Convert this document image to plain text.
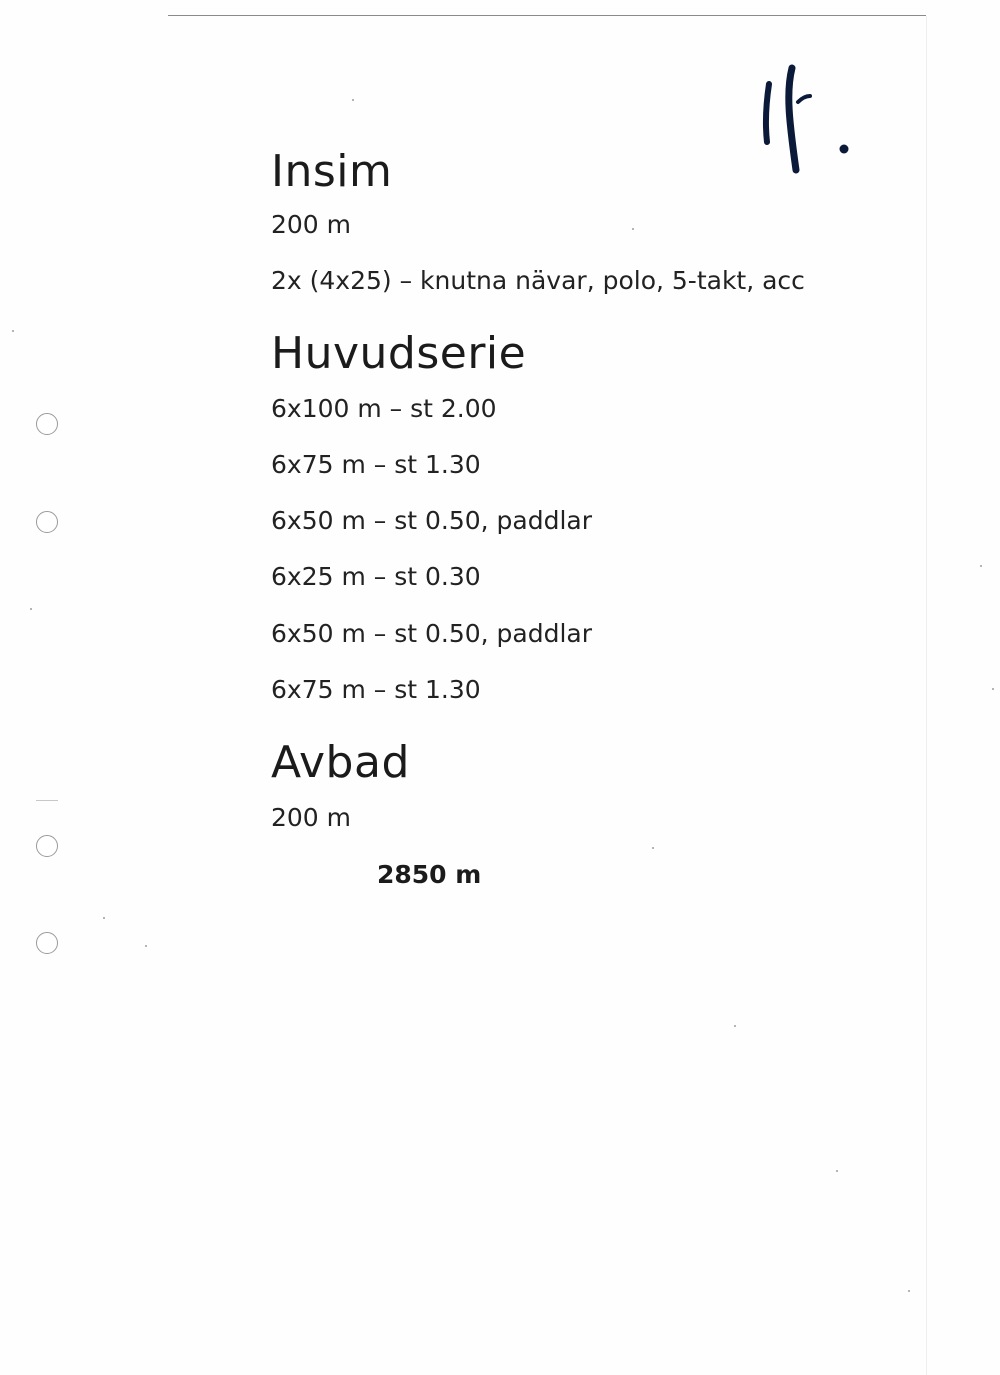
Insim

200 m

2x (4x25) – knutna nävar, polo, 5-takt, acc

Huvudserie

6x100 m – st 2.00

6x75 m – st 1.30

6x50 m – st 0.50, paddlar

6x25 m – st 0.30

6x50 m – st 0.50, paddlar

6x75 m – st 1.30

Avbad

200 m

2850 m
